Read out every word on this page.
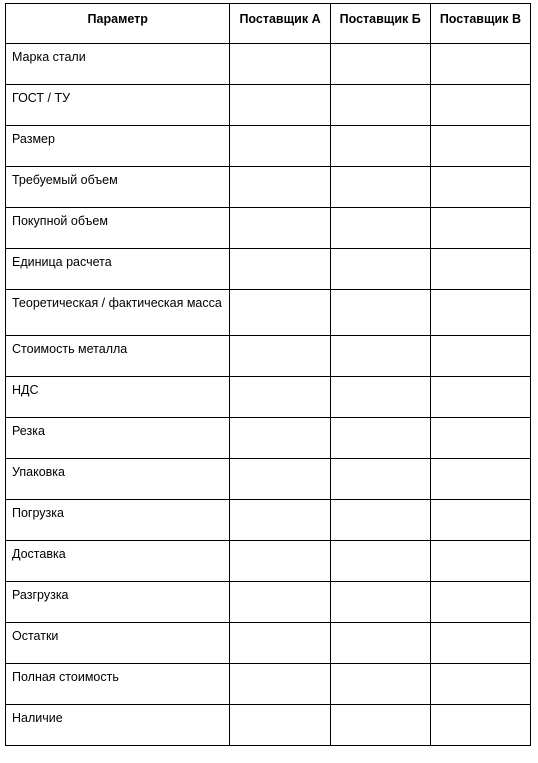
Параметр	Поставщик А	Поставщик Б	Поставщик В
Марка стали			
ГОСТ / ТУ			
Размер			
Требуемый объем			
Покупной объем			
Единица расчета			
Теоретическая / фактическая масса			
Стоимость металла			
НДС			
Резка			
Упаковка			
Погрузка			
Доставка			
Разгрузка			
Остатки			
Полная стоимость			
Наличие			
